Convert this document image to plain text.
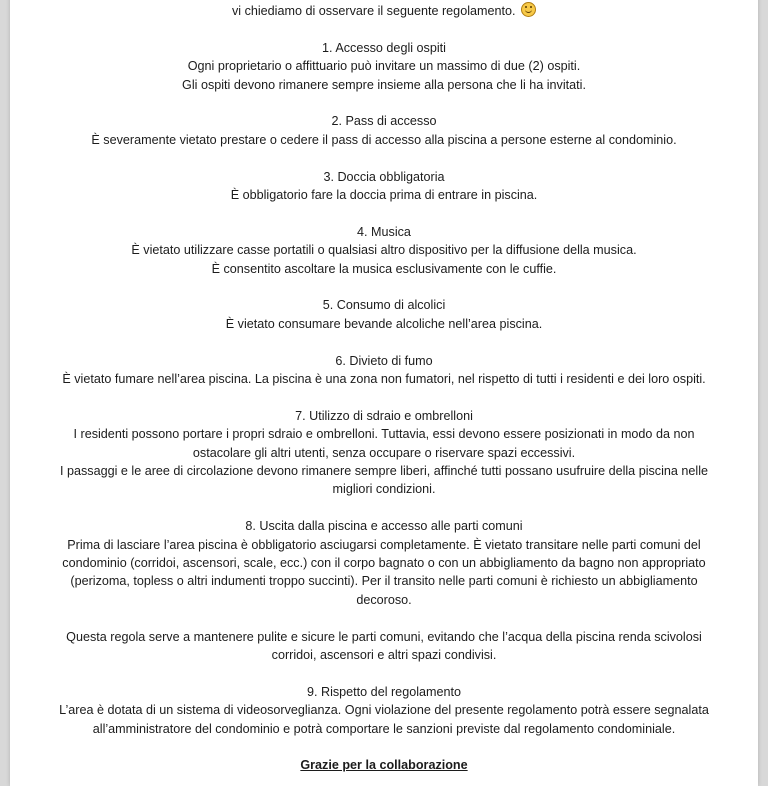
vi chiediamo di osservare il seguente regolamento.
1. Accesso degli ospiti
Ogni proprietario o affittuario può invitare un massimo di due (2) ospiti.
Gli ospiti devono rimanere sempre insieme alla persona che li ha invitati.
2. Pass di accesso
È severamente vietato prestare o cedere il pass di accesso alla piscina a persone esterne al condominio.
3. Doccia obbligatoria
È obbligatorio fare la doccia prima di entrare in piscina.
4. Musica
È vietato utilizzare casse portatili o qualsiasi altro dispositivo per la diffusione della musica.
È consentito ascoltare la musica esclusivamente con le cuffie.
5. Consumo di alcolici
È vietato consumare bevande alcoliche nell’area piscina.
6. Divieto di fumo
È vietato fumare nell’area piscina. La piscina è una zona non fumatori, nel rispetto di tutti i residenti e dei loro ospiti.
7. Utilizzo di sdraio e ombrelloni
I residenti possono portare i propri sdraio e ombrelloni. Tuttavia, essi devono essere posizionati in modo da non
ostacolare gli altri utenti, senza occupare o riservare spazi eccessivi.
I passaggi e le aree di circolazione devono rimanere sempre liberi, affinché tutti possano usufruire della piscina nelle
migliori condizioni.
8. Uscita dalla piscina e accesso alle parti comuni
Prima di lasciare l’area piscina è obbligatorio asciugarsi completamente. È vietato transitare nelle parti comuni del
condominio (corridoi, ascensori, scale, ecc.) con il corpo bagnato o con un abbigliamento da bagno non appropriato
(perizoma, topless o altri indumenti troppo succinti). Per il transito nelle parti comuni è richiesto un abbigliamento
decoroso.
Questa regola serve a mantenere pulite e sicure le parti comuni, evitando che l’acqua della piscina renda scivolosi
corridoi, ascensori e altri spazi condivisi.
9. Rispetto del regolamento
L’area è dotata di un sistema di videosorveglianza. Ogni violazione del presente regolamento potrà essere segnalata
all’amministratore del condominio e potrà comportare le sanzioni previste dal regolamento condominiale.
Grazie per la collaborazione
